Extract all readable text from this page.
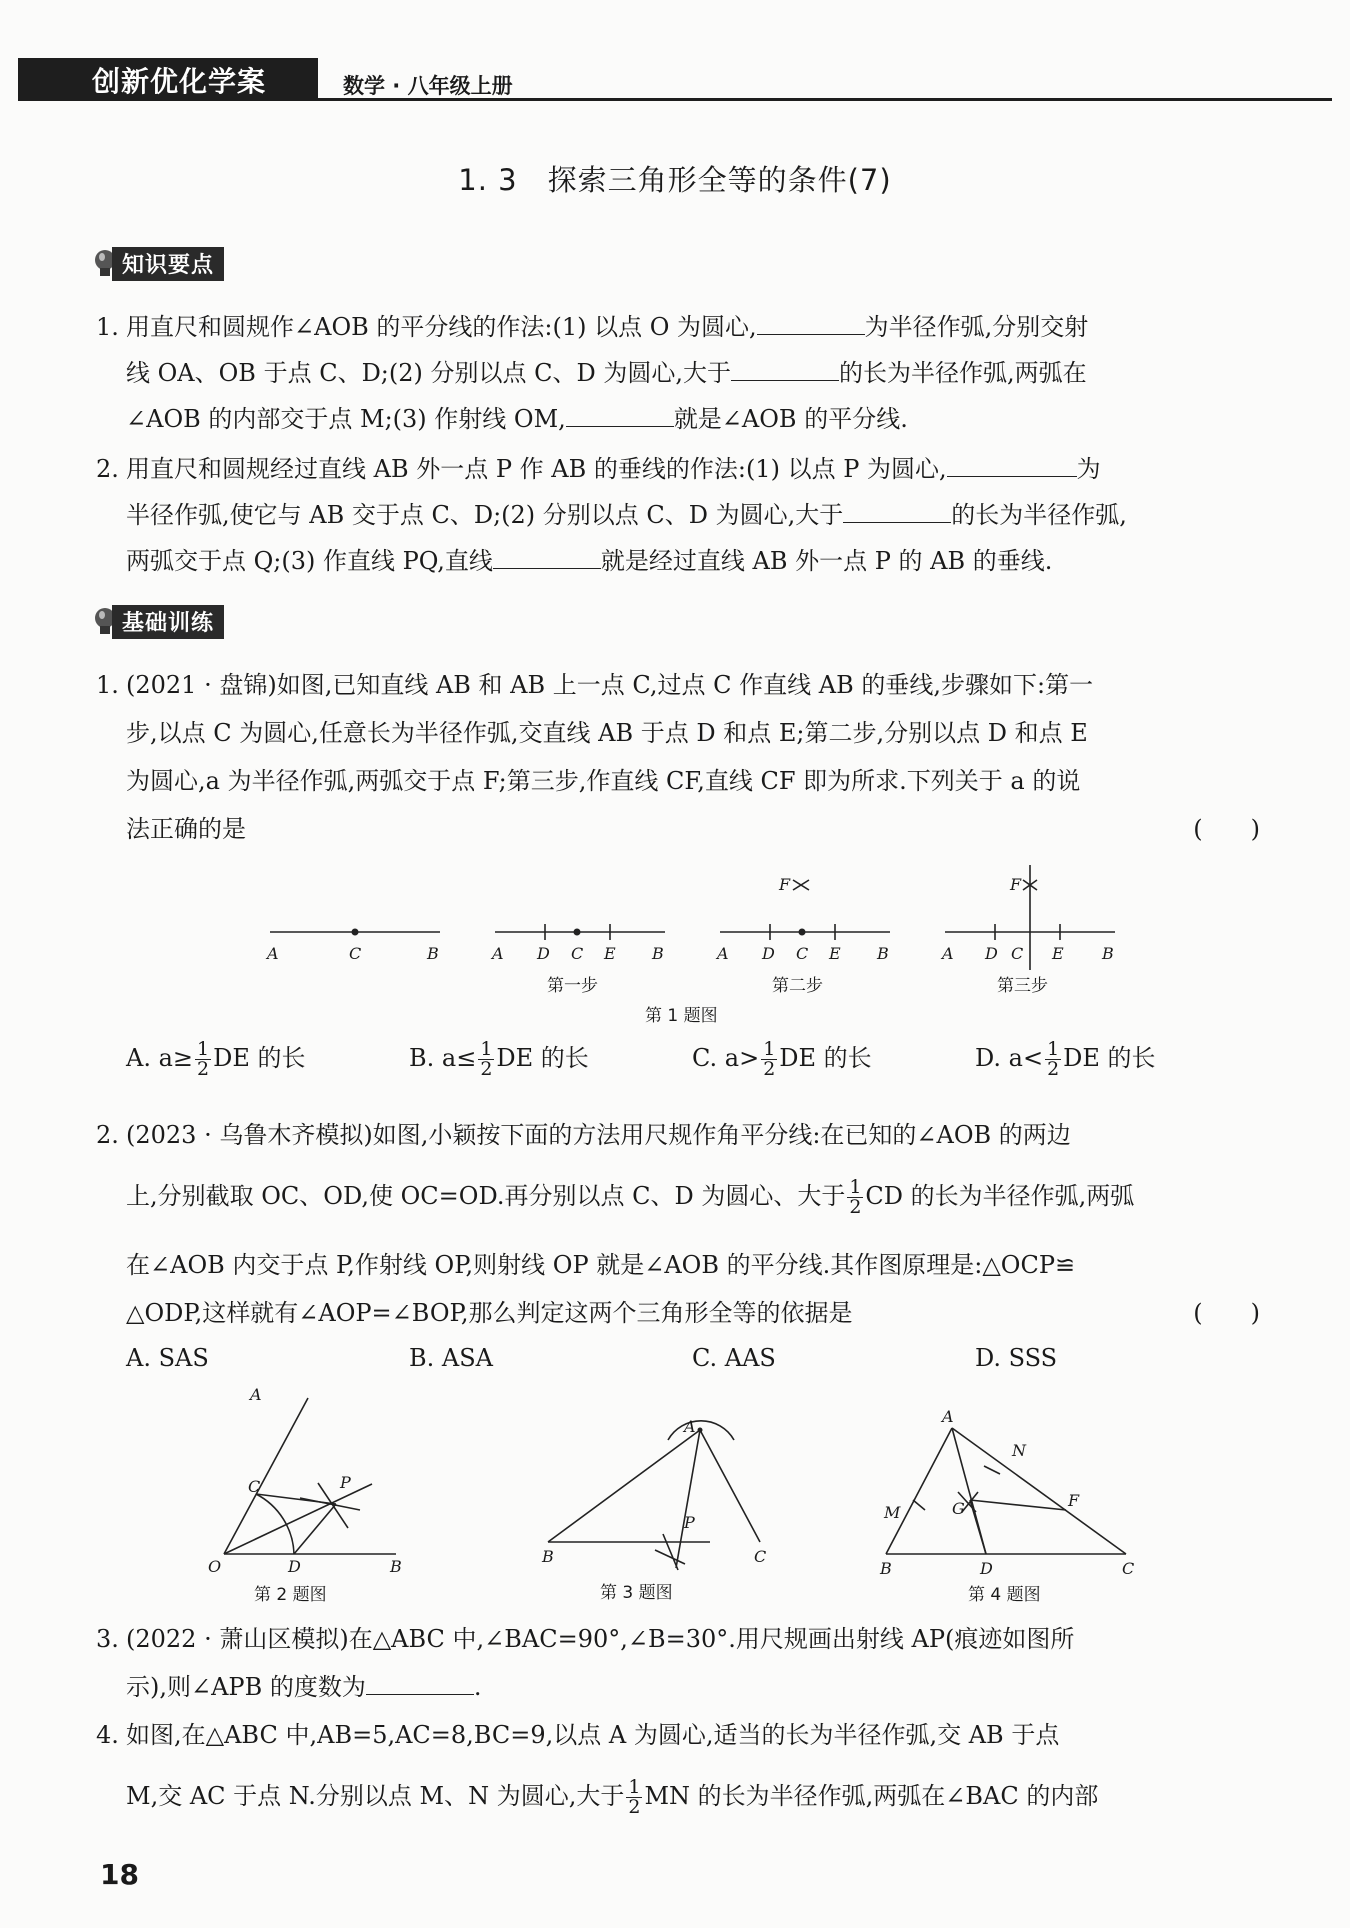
创新优化学案	数学 · 八年级上册
1. 3　探索三角形全等的条件(7)
知识要点
1. 用直尺和圆规作∠AOB 的平分线的作法:(1) 以点 O 为圆心,	为半径作弧,分别交射
线 OA、OB 于点 C、D;(2) 分别以点 C、D 为圆心,大于	的长为半径作弧,两弧在
∠AOB 的内部交于点 M;(3) 作射线 OM,	就是∠AOB 的平分线.
2. 用直尺和圆规经过直线 AB 外一点 P 作 AB 的垂线的作法:(1) 以点 P 为圆心,	为
半径作弧,使它与 AB 交于点 C、D;(2) 分别以点 C、D 为圆心,大于	的长为半径作弧,
两弧交于点 Q;(3) 作直线 PQ,直线	就是经过直线 AB 外一点 P 的 AB 的垂线.
基础训练
1. (2021 · 盘锦)如图,已知直线 AB 和 AB 上一点 C,过点 C 作直线 AB 的垂线,步骤如下:第一
步,以点 C 为圆心,任意长为半径作弧,交直线 AB 于点 D 和点 E;第二步,分别以点 D 和点 E
为圆心,a 为半径作弧,两弧交于点 F;第三步,作直线 CF,直线 CF 即为所求.下列关于 a 的说
法正确的是	(　　)
A	C	B	A D C E B	A D C E B	A D C E B
F	F
第一步	第二步	第三步
第 1 题图
A. $a\ge \frac{1}{2}$ DE 的长	B. $a\le \frac{1}{2}$ DE 的长	C. $a> \frac{1}{2}$ DE 的长	D. $a< \frac{1}{2}$ DE 的长
2. (2023 · 乌鲁木齐模拟)如图,小颖按下面的方法用尺规作角平分线:在已知的∠AOB 的两边
上,分别截取 OC、OD,使 OC=OD.再分别以点 C、D 为圆心、大于 $\frac{1}{2}$ CD 的长为半径作弧,两弧
在∠AOB 内交于点 P,作射线 OP,则射线 OP 就是∠AOB 的平分线.其作图原理是:△OCP≌
△ODP,这样就有∠AOP=∠BOP,那么判定这两个三角形全等的依据是	(　　)
A. SAS	B. ASA	C. AAS	D. SSS
A
C	P
O	D	B
A
B
P
C
A
M
N
F
G
B	D	C
第 2 题图	第 3 题图	第 4 题图
3. (2022 · 萧山区模拟)在△ABC 中,∠BAC=90°,∠B=30°.用尺规画出射线 AP(痕迹如图所
示),则∠APB 的度数为	.
4. 如图,在△ABC 中,AB=5,AC=8,BC=9,以点 A 为圆心,适当的长为半径作弧,交 AB 于点
M,交 AC 于点 N.分别以点 M、N 为圆心,大于 $\frac{1}{2}$ MN 的长为半径作弧,两弧在∠BAC 的内部
18
